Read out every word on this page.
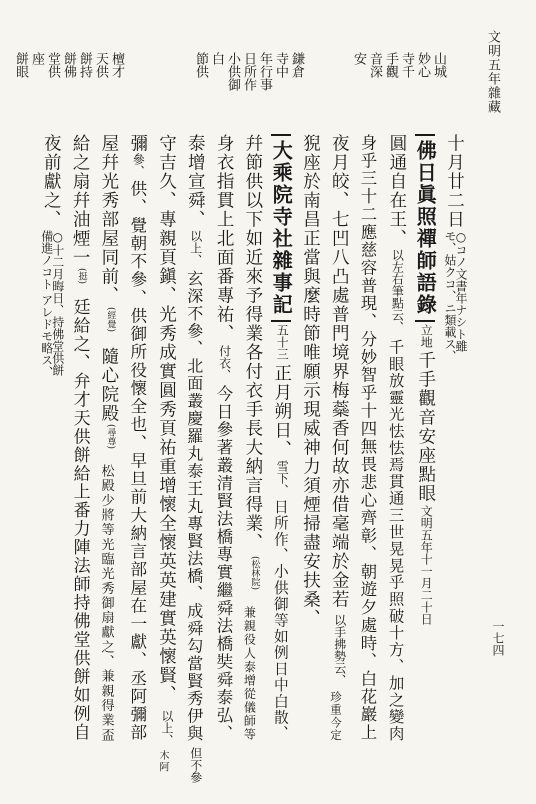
文明五年雜藏
一七四
山城
妙心
寺千
手觀
音深
安
鎌倉
寺中
年行事
日所作
小供御
白
節供
檀才
天供
餅持
餅佛
堂供
座
餅眼
十月廿二日
○コノ文書年ナシト雖
モ、姑クコ、ニ類載ス、
佛日眞照禪師語錄
立地
千手觀音安座點眼
文明五年十一月二十日
圓通自在王、
以左右筆點云、
千眼放靈光怯怯焉貫通三世晃晃乎照破十方、加之變肉
身乎三十二應慈容普現、分妙智乎十四無畏悲心齊彰、朝遊夕處時、白花巖上
夜月皎、七凹八凸處普門境界梅蘂香何故亦借毫端於金若
以手拂勢云、
珍重今定
猊座於南昌正當與麼時節唯願示現威神力須煙掃盡安扶桑、
大乘院寺社雜事記
五十三
正月朔日、
雪下、
日所作、小供御等如例日中白散、
幷節供以下如近來予得業各付衣手長大納言得業、
(松林院)
兼親役人泰增從儀師等
身衣指貫上北面番專祐、
付衣、
今日參著叢清賢法橋專實繼舜法橋奘舜泰弘、
泰增宣舜、
以上、
玄深不參、北面叢慶羅丸泰王丸專賢法橋、成舜勾當賢秀伊與
但不參
守吉久、專親頁鎭、光秀成實圓秀頁祐重增懷全懷英英建實英懷賢、
以上、
木阿
彌
參、
供、覺朝不參、供御所役懷全也、早旦前大納言部屋在一獻、丞阿彌部
屋幷光秀部屋同前、
(經覺)
隨心院殿
(尋尊)
松殿少將等光臨光秀御扇獻之、兼親得業盃
給之扇幷油煙一
(挺)
廷給之、弁才天供餅給上番力陣法師持佛堂供餅如例自
夜前獻之、
○十二月晦日、持佛堂供餅
備進ノコト アレドモ略ス、
